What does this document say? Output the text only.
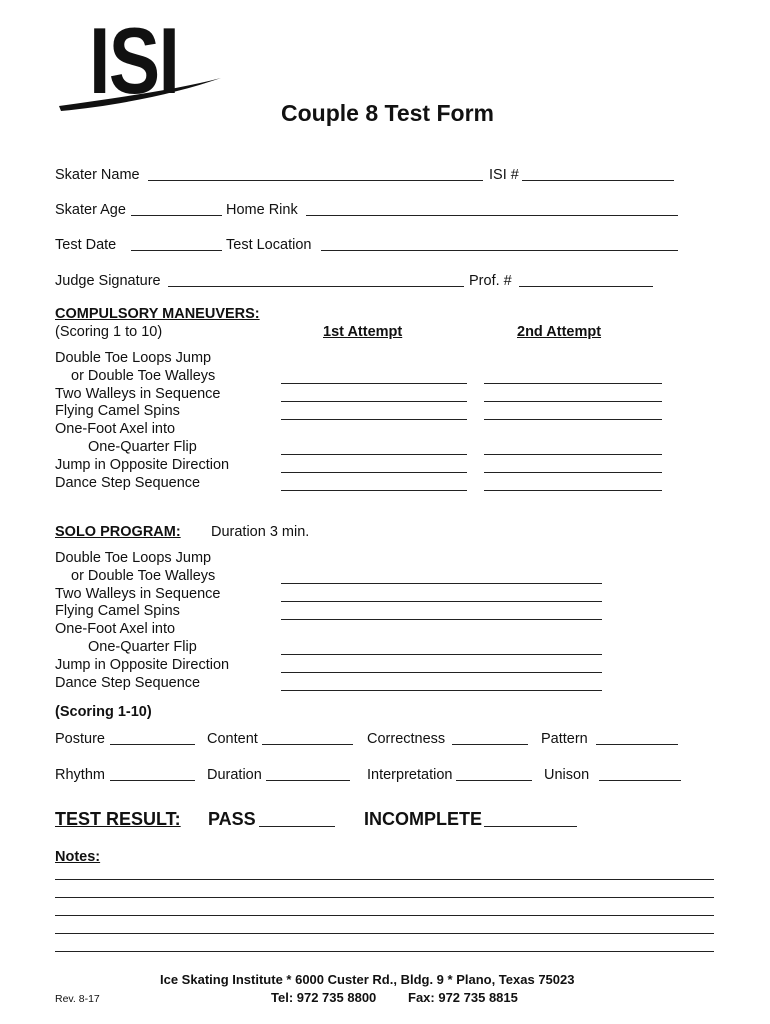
ISI	Couple 8 Test Form
Skater Name	ISI #
Skater Age	Home Rink
Test Date	Test Location
Judge Signature	Prof. #
COMPULSORY MANEUVERS:
(Scoring 1 to 10)	1st Attempt	2nd Attempt
Double Toe Loops Jump
or Double Toe Walleys
Two Walleys in Sequence
Flying Camel Spins
One-Foot Axel into
One-Quarter Flip
Jump in Opposite Direction
Dance Step Sequence
SOLO PROGRAM: Duration 3 min.
Double Toe Loops Jump
or Double Toe Walleys
Two Walleys in Sequence
Flying Camel Spins
One-Foot Axel into
One-Quarter Flip
Jump in Opposite Direction
Dance Step Sequence
(Scoring 1-10)
Posture	Content	Correctness	Pattern
Rhythm	Duration	Interpretation	Unison
TEST RESULT: PASS	INCOMPLETE
Notes:
Ice Skating Institute * 6000 Custer Rd., Bldg. 9 * Plano, Texas 75023
Tel: 972 735 8800 Fax: 972 735 8815
Rev. 8-17
